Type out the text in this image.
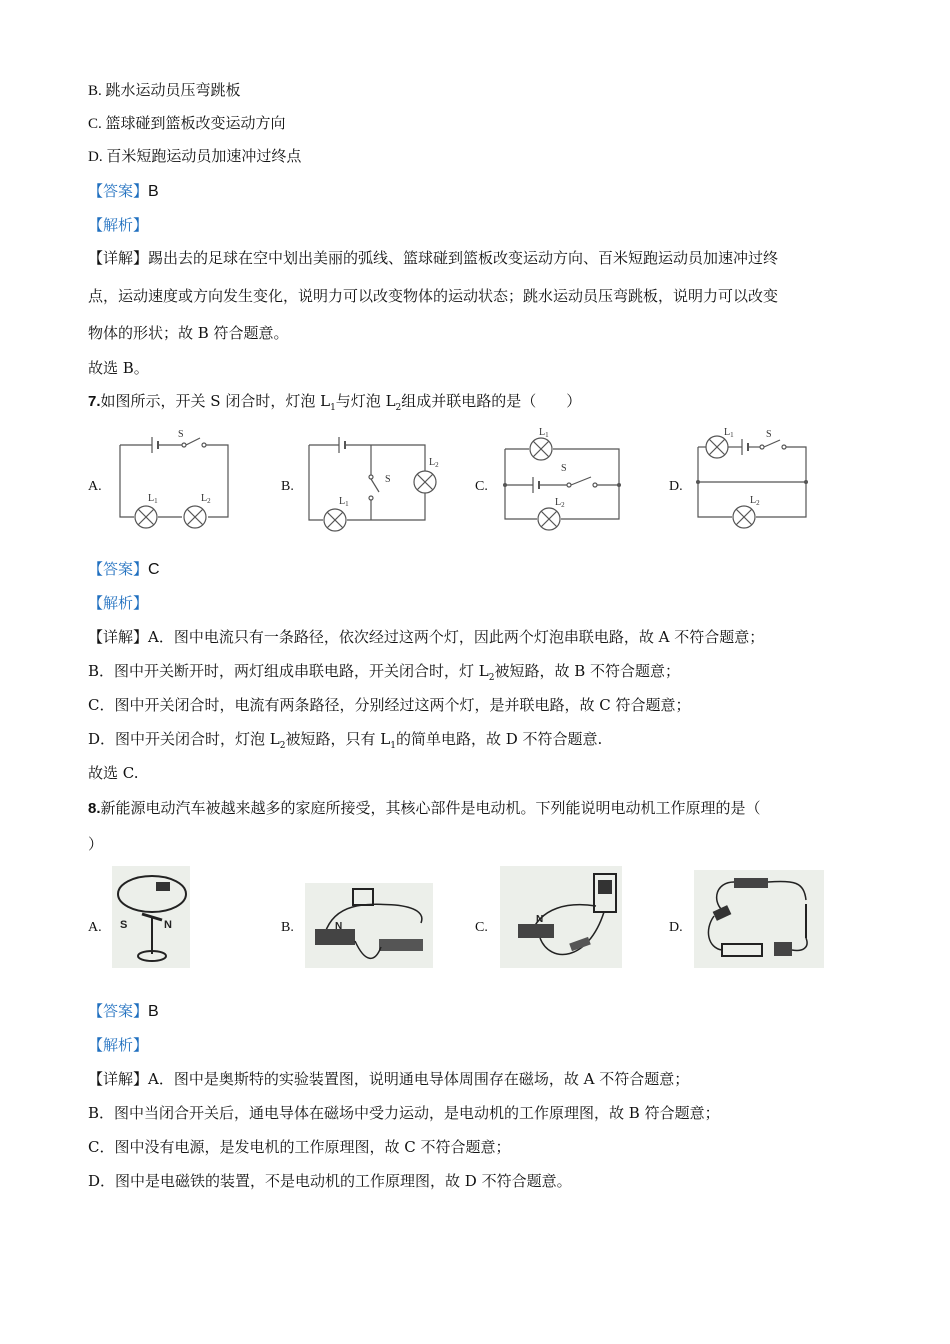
B. 跳水运动员压弯跳板
C. 篮球碰到篮板改变运动方向
D. 百米短跑运动员加速冲过终点
【答案】B
【解析】
【详解】踢出去的足球在空中划出美丽的弧线、篮球碰到篮板改变运动方向、百米短跑运动员加速冲过终
点，运动速度或方向发生变化，说明力可以改变物体的运动状态；跳水运动员压弯跳板，说明力可以改变
物体的形状；故 B 符合题意。
故选 B。
7.如图所示，开关 S 闭合时，灯泡 $L_1$与灯泡 $L_2$组成并联电路的是（　　）
A.	B.	C.	D.
S
$L_1$	$L_2$
S
$L_2$
$L_1$
$L_1$
S
$L_2$
$L_1$	S
$L_2$
【答案】C
【解析】
【详解】A．图中电流只有一条路径，依次经过这两个灯，因此两个灯泡串联电路，故 A 不符合题意；
B．图中开关断开时，两灯组成串联电路，开关闭合时，灯 $L_2$被短路，故 B 不符合题意；
C．图中开关闭合时，电流有两条路径，分别经过这两个灯，是并联电路，故 C 符合题意；
D．图中开关闭合时，灯泡 $L_2$被短路，只有 $L_1$的简单电路，故 D 不符合题意.
故选 C.
8.新能源电动汽车被越来越多的家庭所接受，其核心部件是电动机。下列能说明电动机工作原理的是（
）
A.	B.	C.	D.
S	N	N
N
【答案】B
【解析】
【详解】A．图中是奥斯特的实验装置图，说明通电导体周围存在磁场，故 A 不符合题意；
B．图中当闭合开关后，通电导体在磁场中受力运动，是电动机的工作原理图，故 B 符合题意；
C．图中没有电源，是发电机的工作原理图，故 C 不符合题意；
D．图中是电磁铁的装置，不是电动机的工作原理图，故 D 不符合题意。
